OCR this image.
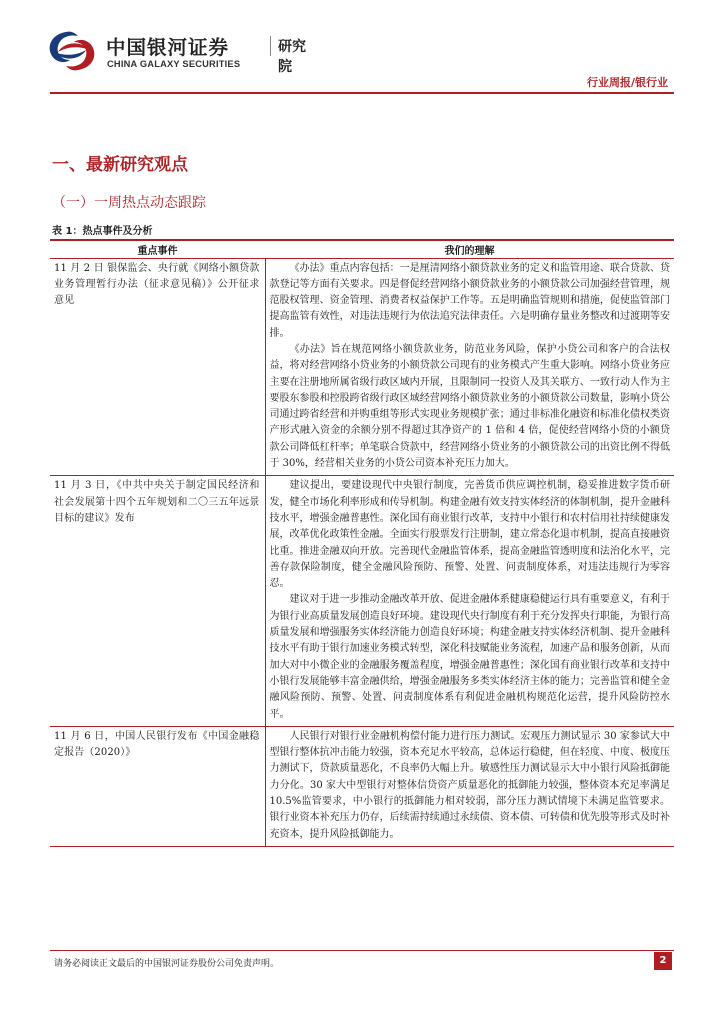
中国银河证券
CHINA GALAXY SECURITIES
研究院
行业周报/银行业
一、最新研究观点
（一）一周热点动态跟踪
表 1：热点事件及分析
重点事件	我们的理解
11 月 2 日 银保监会、央行就《网络小额贷款业务管理暂行办法（征求意见稿）》公开征求意见	《办法》重点内容包括：一是厘清网络小额贷款业务的定义和监管用途、联合贷款、贷款登记等方面有关要求。四是督促经营网络小额贷款业务的小额贷款公司加强经营管理，规范股权管理、资金管理、消费者权益保护工作等。五是明确监管规则和措施，促使监管部门提高监管有效性，对违法违规行为依法追究法律责任。六是明确存量业务整改和过渡期等安排。

《办法》旨在规范网络小额贷款业务，防范业务风险，保护小贷公司和客户的合法权益，将对经营网络小贷业务的小额贷款公司现有的业务模式产生重大影响。网络小贷业务应主要在注册地所属省级行政区域内开展，且限制同一投资人及其关联方、一致行动人作为主要股东参股和控股跨省级行政区域经营网络小额贷款业务的小额贷款公司数量，影响小贷公司通过跨省经营和并购重组等形式实现业务规模扩张；通过非标准化融资和标准化债权类资产形式融入资金的余额分别不得超过其净资产的 1 倍和 4 倍，促使经营网络小贷的小额贷款公司降低杠杆率；单笔联合贷款中，经营网络小贷业务的小额贷款公司的出资比例不得低于 30%，经营相关业务的小贷公司资本补充压力加大。

11 月 3 日，《中共中央关于制定国民经济和社会发展第十四个五年规划和二〇三五年远景目标的建议》发布	建议提出，要建设现代中央银行制度，完善货币供应调控机制，稳妥推进数字货币研发，健全市场化利率形成和传导机制。构建金融有效支持实体经济的体制机制，提升金融科技水平，增强金融普惠性。深化国有商业银行改革，支持中小银行和农村信用社持续健康发展，改革优化政策性金融。全面实行股票发行注册制，建立常态化退市机制，提高直接融资比重。推进金融双向开放。完善现代金融监管体系，提高金融监管透明度和法治化水平，完善存款保险制度，健全金融风险预防、预警、处置、问责制度体系，对违法违规行为零容忍。

建议对于进一步推动金融改革开放、促进金融体系健康稳健运行具有重要意义，有利于为银行业高质量发展创造良好环境。建设现代央行制度有利于充分发挥央行职能，为银行高质量发展和增强服务实体经济能力创造良好环境；构建金融支持实体经济机制、提升金融科技水平有助于银行加速业务模式转型，深化科技赋能业务流程，加速产品和服务创新，从而加大对中小微企业的金融服务覆盖程度，增强金融普惠性；深化国有商业银行改革和支持中小银行发展能够丰富金融供给，增强金融服务多类实体经济主体的能力；完善监管和健全金融风险预防、预警、处置、问责制度体系有利促进金融机构规范化运营，提升风险防控水平。

11 月 6 日，中国人民银行发布《中国金融稳定报告（2020）》	人民银行对银行业金融机构偿付能力进行压力测试。宏观压力测试显示 30 家参试大中型银行整体抗冲击能力较强，资本充足水平较高，总体运行稳健，但在轻度、中度、极度压力测试下，贷款质量恶化，不良率仍大幅上升。敏感性压力测试显示大中小银行风险抵御能力分化。30 家大中型银行对整体信贷资产质量恶化的抵御能力较强，整体资本充足率满足 10.5%监管要求，中小银行的抵御能力相对较弱，部分压力测试情境下未满足监管要求。银行业资本补充压力仍存，后续需持续通过永续债、资本债、可转债和优先股等形式及时补充资本，提升风险抵御能力。

请务必阅读正文最后的中国银河证券股份公司免责声明。	2
